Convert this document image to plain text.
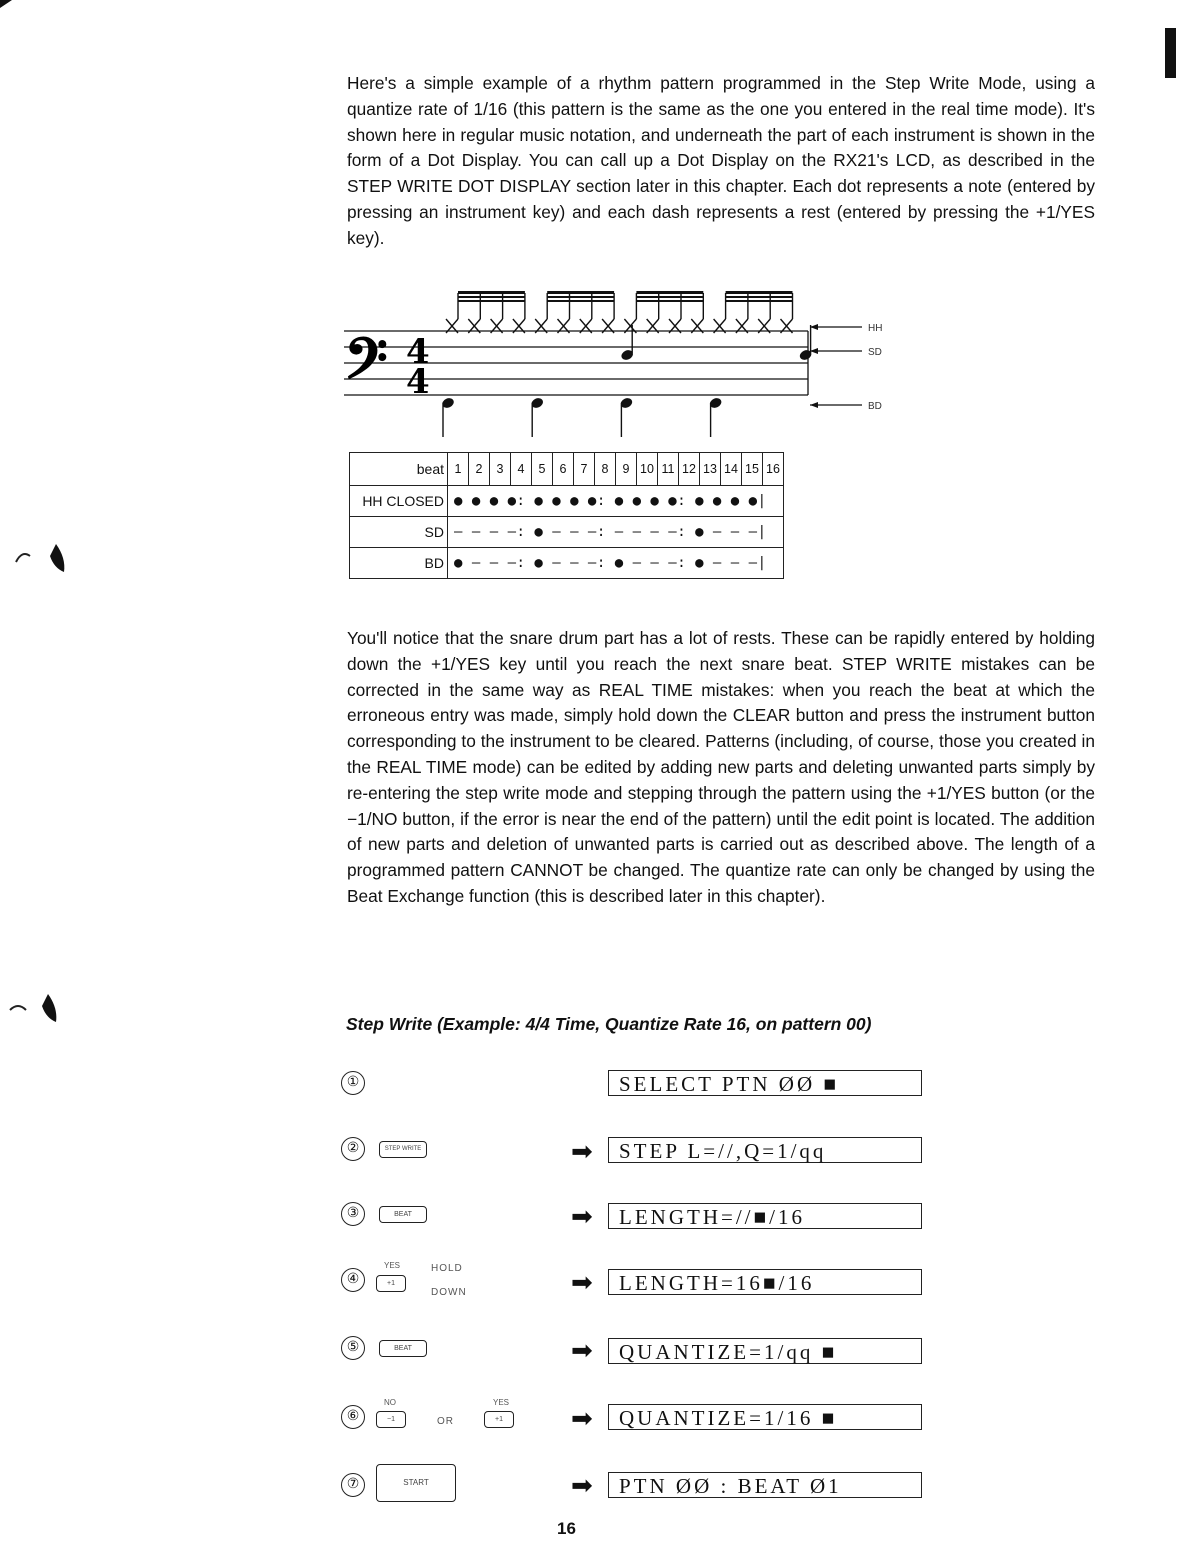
Here's a simple example of a rhythm pattern programmed in the Step Write Mode, using a quantize rate of 1/16 (this pattern is the same as the one you entered in the real time mode). It's shown here in regular music notation, and underneath the part of each instrument is shown in the form of a Dot Display. You can call up a Dot Display on the RX21's LCD, as described in the STEP WRITE DOT DISPLAY section later in this chapter. Each dot represents a note (entered by pressing an instrument key) and each dash represents a rest (entered by pressing the +1/YES key).

𝄢 4
4
HH
SD
BD
beat	1	2	3	4	5	6	7	8	9	10	11	12	13	14	15	16
HH CLOSED	● ● ● ●: ● ● ● ●: ● ● ● ●: ● ● ● ●|															
SD	– – – –: ● – – –: – – – –: ● – – –|															
BD	● – – –: ● – – –: ● – – –: ● – – –|															

You'll notice that the snare drum part has a lot of rests. These can be rapidly entered by holding down the +1/YES key until you reach the next snare beat. STEP WRITE mistakes can be corrected in the same way as REAL TIME mistakes: when you reach the beat at which the erroneous entry was made, simply hold down the CLEAR button and press the instrument button corresponding to the instrument to be cleared. Patterns (including, of course, those you created in the REAL TIME mode) can be edited by adding new parts and deleting unwanted parts simply by re-entering the step write mode and stepping through the pattern using the +1/YES button (or the −1/NO button, if the error is near the end of the pattern) until the edit point is located. The addition of new parts and deletion of unwanted parts is carried out as described above. The length of a programmed pattern CANNOT be changed. The quantize rate can only be changed by using the Beat Exchange function (this is described later in this chapter).

Step Write (Example: 4/4 Time, Quantize Rate 16, on pattern 00)

①	SELECT PTN ØØ ■
②	STEP WRITE	➡	STEP L=//,Q=1/qq
③	BEAT	➡	LENGTH=//■/16
④
YES
+1
HOLD
DOWN	➡	LENGTH=16■/16
⑤	BEAT	➡	QUANTIZE=1/qq ■
⑥
NO
−1	OR
YES
+1	➡	QUANTIZE=1/16 ■
⑦	START	➡	PTN ØØ : BEAT Ø1

16
